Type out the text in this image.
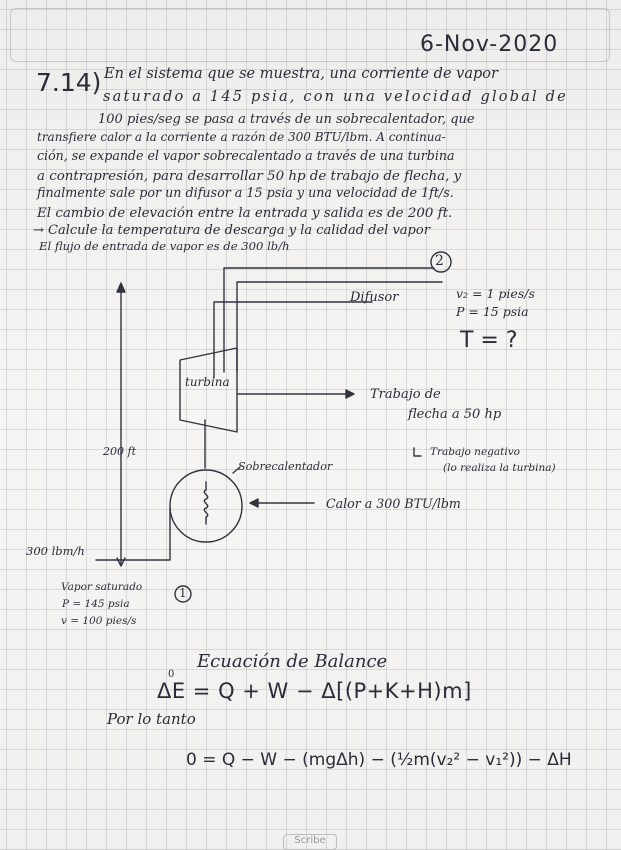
6-Nov-2020
7.14) En el sistema que se muestra, una corriente de vapor
saturado a 145 psia, con una velocidad global de
100 pies/seg se pasa a través de un sobrecalentador, que
transfiere calor a la corriente a razón de 300 BTU/lbm. A continua-
ción, se expande el vapor sobrecalentado a través de una turbina
a contrapresión, para desarrollar 50 hp de trabajo de flecha, y
finalmente sale por un difusor a 15 psia y una velocidad de 1ft/s.
El cambio de elevación entre la entrada y salida es de 200 ft.
→ Calcule la temperatura de descarga y la calidad del vapor
El flujo de entrada de vapor es de 300 lb/h
2
Difusor	v₂ = 1 pies/s
P = 15 psia
T = ?
turbina
Trabajo de
flecha a 50 hp
Trabajo negativo
(lo realiza la turbina)
200 ft
Sobrecalentador
Calor a 300 BTU/lbm
300 lbm/h
1
Vapor saturado
P = 145 psia
v = 100 pies/s
Ecuación de Balance
0
ΔE = Q + W − Δ[(P+K+H)m]
Por lo tanto
0 = Q − W − (mgΔh) − (½m(v₂² − v₁²)) − ΔH
Scribe
